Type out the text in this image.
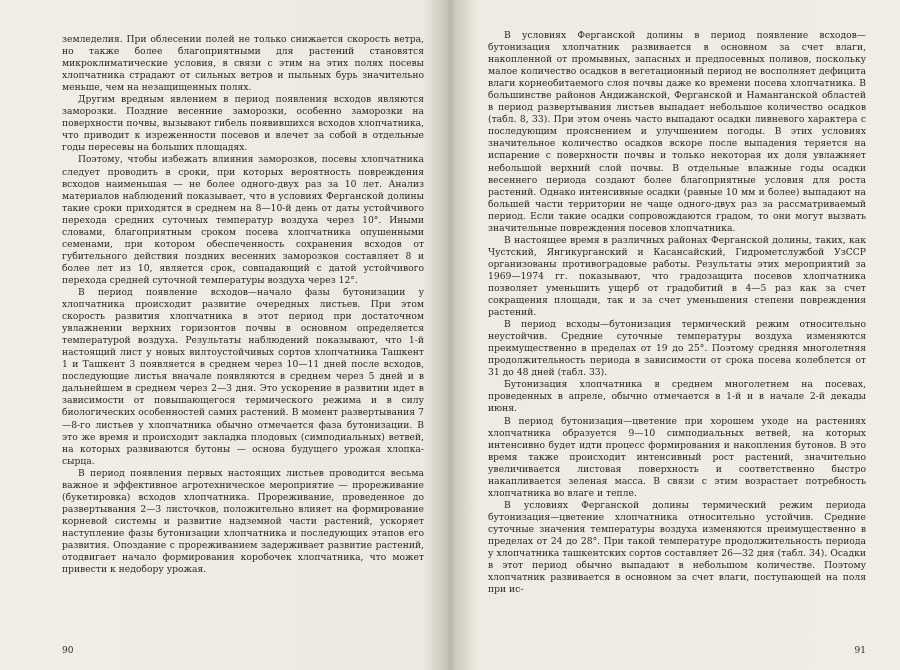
земледелия. При облесении полей не только снижается скорость ветра, но также более благоприятными для растений становятся микроклиматические условия, в связи с этим на этих полях посевы хлопчатника страдают от сильных ветров и пыльных бурь значительно меньше, чем на незащищенных полях.

Другим вредным явлением в период появления всходов являются заморозки. Поздние весенние заморозки, особенно заморозки на поверхности почвы, вызывают гибель появившихся всходов хлопчатника, что приводит к изреженности посевов и влечет за собой в отдельные годы пересевы на больших площадях.

Поэтому, чтобы избежать влияния заморозков, посевы хлопчатника следует проводить в сроки, при которых вероятность повреждения всходов наименьшая — не более одного-двух раз за 10 лет. Анализ материалов наблюдений показывает, что в условиях Ферганской долины такие сроки приходятся в среднем на 8—10-й день от даты устойчивого перехода средних суточных температур воздуха через 10°. Иными словами, благоприятным сроком посева хлопчатника опушенными семенами, при котором обеспеченность сохранения всходов от губительного действия поздних весенних заморозков составляет 8 и более лет из 10, является срок, совпадающий с датой устойчивого перехода средней суточной температуры воздуха через 12°.

В период появление всходов—начало фазы бутонизации у хлопчатника происходит развитие очередных листьев. При этом скорость развития хлопчатника в этот период при достаточном увлажнении верхних горизонтов почвы в основном определяется температурой воздуха. Результаты наблюдений показывают, что 1-й настоящий лист у новых вилтоустойчивых сортов хлопчатника Ташкент 1 и Ташкент 3 появляется в среднем через 10—11 дней после всходов, последующие листья вначале появляются в среднем через 5 дней и в дальнейшем в среднем через 2—3 дня. Это ускорение в развитии идет в зависимости от повышающегося термического режима и в силу биологических особенностей самих растений. В момент развертывания 7—8-го листьев у хлопчатника обычно отмечается фаза бутонизации. В это же время и происходит закладка плодовых (симподиальных) ветвей, на которых развиваются бутоны — основа будущего урожая хлопка-сырца.

В период появления первых настоящих листьев проводится весьма важное и эффективное агротехническое мероприятие — прореживание (букетировка) всходов хлопчатника. Прореживание, проведенное до развертывания 2—3 листочков, положительно влияет на формирование корневой системы и развитие надземной части растений, ускоряет наступление фазы бутонизации хлопчатника и последующих этапов его развития. Опоздание с прореживанием задерживает развитие растений, отодвигает начало формирования коробочек хлопчатника, что может привести к недобору урожая.

90

В условиях Ферганской долины в период появление всходов— бутонизация хлопчатник развивается в основном за счет влаги, накопленной от промывных, запасных и предпосевных поливов, поскольку малое количество осадков в вегетационный период не восполняет дефицита влаги корнеобитаемого слоя почвы даже ко времени посева хлопчатника. В большинстве районов Андижанской, Ферганской и Наманганской областей в период развертывания листьев выпадает небольшое количество осадков (табл. 8, 33). При этом очень часто выпадают осадки ливневого характера с последующим прояснением и улучшением погоды. В этих условиях значительное количество осадков вскоре после выпадения теряется на испарение с поверхности почвы и только некоторая их доля увлажняет небольшой верхний слой почвы. В отдельные влажные годы осадки весеннего периода создают более благоприятные условия для роста растений. Однако интенсивные осадки (равные 10 мм и более) выпадают на большей части территории не чаще одного-двух раз за рассматриваемый период. Если такие осадки сопровождаются градом, то они могут вызвать значительные повреждения посевов хлопчатника.

В настоящее время в различных районах Ферганской долины, таких, как Чустский, Янгикурганский и Касансайский, Гидрометслужбой УзССР организованы противоградовые работы. Результаты этих мероприятий за 1969—1974 гг. показывают, что градозащита посевов хлопчатника позволяет уменьшить ущерб от градобитий в 4—5 раз как за счет сокращения площади, так и за счет уменьшения степени повреждения растений.

В период всходы—бутонизация термический режим относительно неустойчив. Средние суточные температуры воздуха изменяются преимущественно в пределах от 19 до 25°. Поэтому средняя многолетняя продолжительность периода в зависимости от срока посева колеблется от 31 до 48 дней (табл. 33).

Бутонизация хлопчатника в среднем многолетнем на посевах, проведенных в апреле, обычно отмечается в 1-й и в начале 2-й декады июня.

В период бутонизация—цветение при хорошем уходе на растениях хлопчатника образуется 9—10 симподиальных ветвей, на которых интенсивно будет идти процесс формирования и накопления бутонов. В это время также происходит интенсивный рост растений, значительно увеличивается листовая поверхность и соответственно быстро накапливается зеленая масса. В связи с этим возрастает потребность хлопчатника во влаге и тепле.

В условиях Ферганской долины термический режим периода бутонизация—цветение хлопчатника относительно устойчив. Средние суточные значения температуры воздуха изменяются преимущественно в пределах от 24 до 28°. При такой температуре продолжительность периода у хлопчатника ташкентских сортов составляет 26—32 дня (табл. 34). Осадки в этот период обычно выпадают в небольшом количестве. Поэтому хлопчатник развивается в основном за счет влаги, поступающей на поля при ис-

91
